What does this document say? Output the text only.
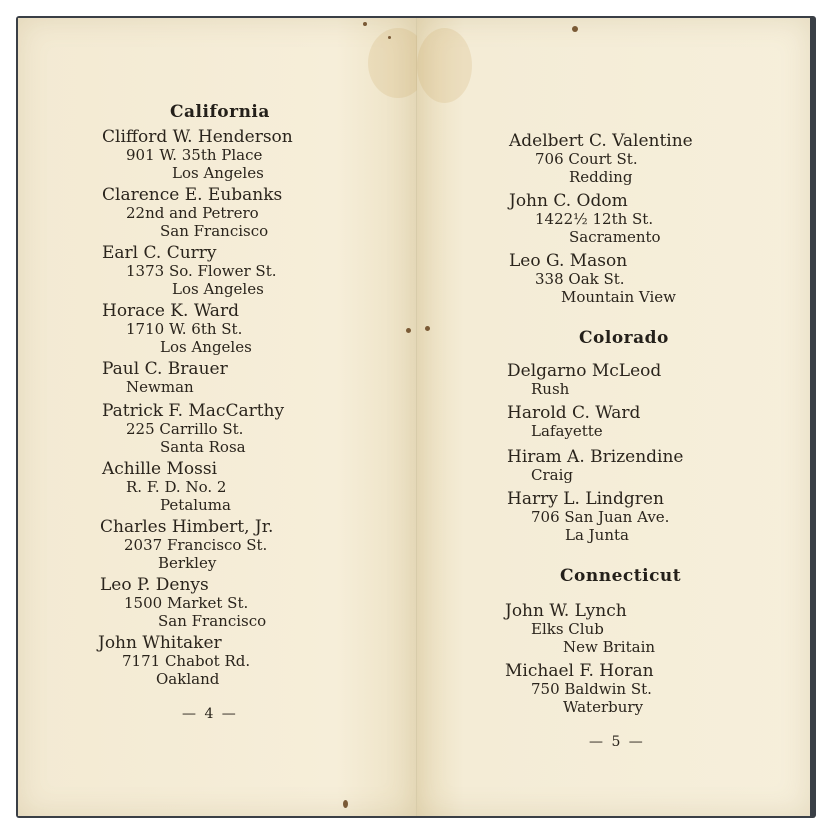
California
Clifford W. Henderson
901 W. 35th Place
Los Angeles
Clarence E. Eubanks
22nd and Petrero
San Francisco
Earl C. Curry
1373 So. Flower St.
Los Angeles
Horace K. Ward
1710 W. 6th St.
Los Angeles
Paul C. Brauer
Newman
Patrick F. MacCarthy
225 Carrillo St.
Santa Rosa
Achille Mossi
R. F. D. No. 2
Petaluma
Charles Himbert, Jr.
2037 Francisco St.
Berkley
Leo P. Denys
1500 Market St.
San Francisco
John Whitaker
7171 Chabot Rd.
Oakland
— 4 —
Adelbert C. Valentine
706 Court St.
Redding
John C. Odom
1422½ 12th St.
Sacramento
Leo G. Mason
338 Oak St.
Mountain View
Colorado
Delgarno McLeod
Rush
Harold C. Ward
Lafayette
Hiram A. Brizendine
Craig
Harry L. Lindgren
706 San Juan Ave.
La Junta
Connecticut
John W. Lynch
Elks Club
New Britain
Michael F. Horan
750 Baldwin St.
Waterbury
— 5 —
